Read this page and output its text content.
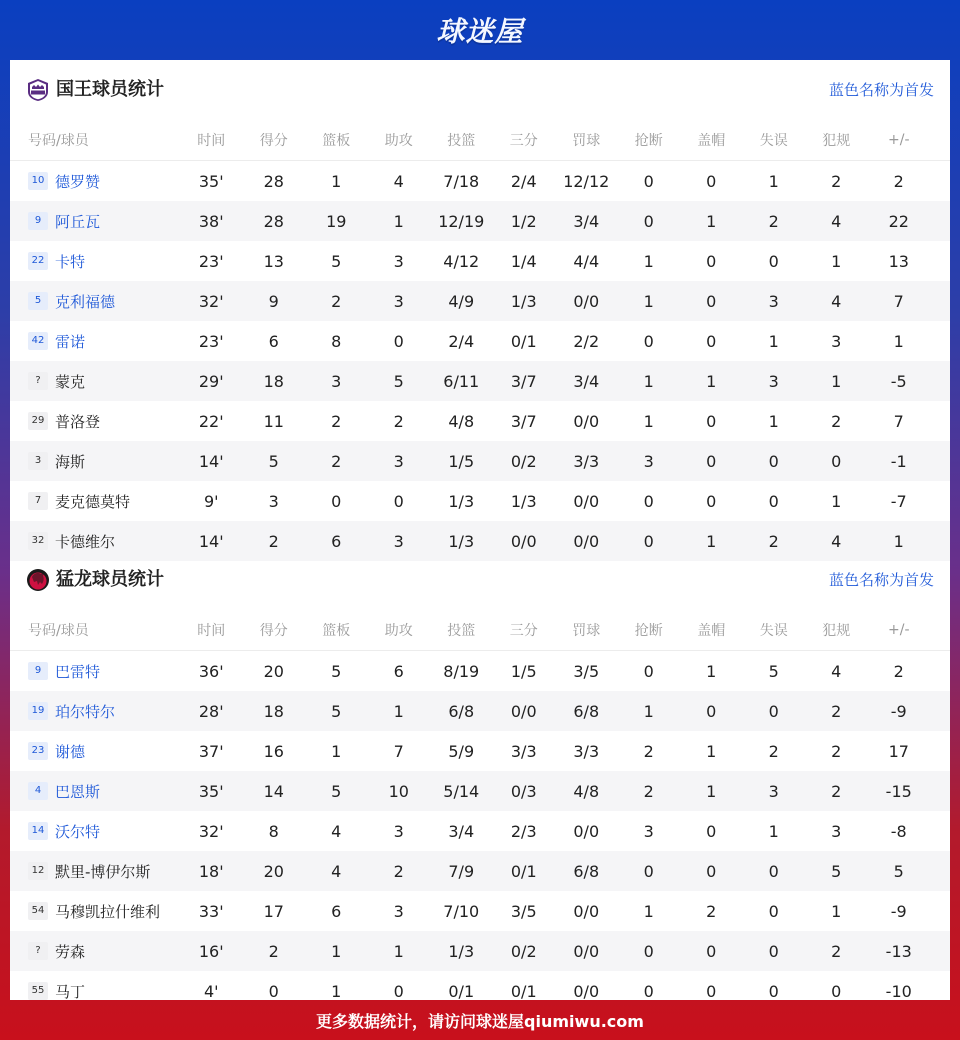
球迷屋
国王球员统计	蓝色名称为首发
号码/球员	时间	得分	篮板	助攻	投篮	三分	罚球	抢断	盖帽	失误	犯规	+/-
10 德罗赞	35'	28	1	4	7/18	2/4	12/12	0	0	1	2	2
9 阿丘瓦	38'	28	19	1	12/19	1/2	3/4	0	1	2	4	22
22 卡特	23'	13	5	3	4/12	1/4	4/4	1	0	0	1	13
5 克利福德	32'	9	2	3	4/9	1/3	0/0	1	0	3	4	7
42 雷诺	23'	6	8	0	2/4	0/1	2/2	0	0	1	3	1
? 蒙克	29'	18	3	5	6/11	3/7	3/4	1	1	3	1	-5
29 普洛登	22'	11	2	2	4/8	3/7	0/0	1	0	1	2	7
3 海斯	14'	5	2	3	1/5	0/2	3/3	3	0	0	0	-1
7 麦克德莫特	9'	3	0	0	1/3	1/3	0/0	0	0	0	1	-7
32 卡德维尔	14'	2	6	3	1/3	0/0	0/0	0	1	2	4	1
猛龙球员统计	蓝色名称为首发
号码/球员	时间	得分	篮板	助攻	投篮	三分	罚球	抢断	盖帽	失误	犯规	+/-
9 巴雷特	36'	20	5	6	8/19	1/5	3/5	0	1	5	4	2
19 珀尔特尔	28'	18	5	1	6/8	0/0	6/8	1	0	0	2	-9
23 谢德	37'	16	1	7	5/9	3/3	3/3	2	1	2	2	17
4 巴恩斯	35'	14	5	10	5/14	0/3	4/8	2	1	3	2	-15
14 沃尔特	32'	8	4	3	3/4	2/3	0/0	3	0	1	3	-8
12 默里-博伊尔斯	18'	20	4	2	7/9	0/1	6/8	0	0	0	5	5
54 马穆凯拉什维利	33'	17	6	3	7/10	3/5	0/0	1	2	0	1	-9
? 劳森	16'	2	1	1	1/3	0/2	0/0	0	0	0	2	-13
55 马丁	4'	0	1	0	0/1	0/1	0/0	0	0	0	0	-10
更多数据统计，请访问球迷屋qiumiwu.com
